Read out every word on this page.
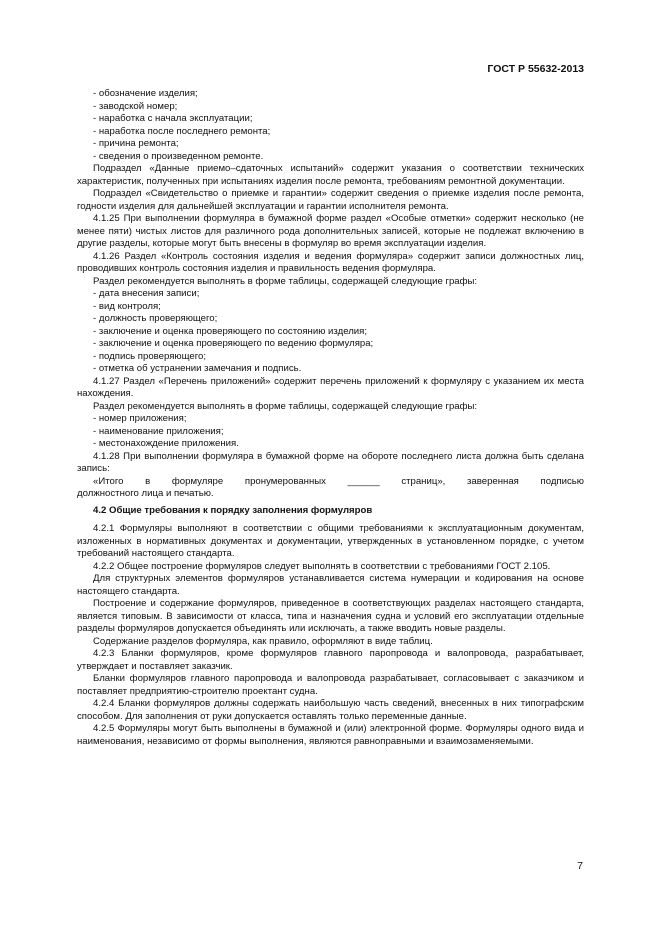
ГОСТ Р 55632-2013

- обозначение изделия;

- заводской номер;

- наработка с начала эксплуатации;

- наработка после последнего ремонта;

- причина ремонта;

- сведения о произведенном ремонте.

Подраздел «Данные приемо–сдаточных испытаний» содержит указания о соответствии технических характеристик, полученных при испытаниях изделия после ремонта, требованиям ремонтной документации.

Подраздел «Свидетельство о приемке и гарантии» содержит сведения о приемке изделия после ремонта, годности изделия для дальнейшей эксплуатации и гарантии исполнителя ремонта.

4.1.25 При выполнении формуляра в бумажной форме раздел «Особые отметки» содержит несколько (не менее пяти) чистых листов для различного рода дополнительных записей, которые не подлежат включению в другие разделы, которые могут быть внесены в формуляр во время эксплуатации изделия.

4.1.26 Раздел «Контроль состояния изделия и ведения формуляра» содержит записи должностных лиц, проводивших контроль состояния изделия и правильность ведения формуляра.

Раздел рекомендуется выполнять в форме таблицы, содержащей следующие графы:

- дата внесения записи;

- вид контроля;

- должность проверяющего;

- заключение и оценка проверяющего по состоянию изделия;

- заключение и оценка проверяющего по ведению формуляра;

- подпись проверяющего;

- отметка об устранении замечания и подпись.

4.1.27 Раздел «Перечень приложений» содержит перечень приложений к формуляру с указанием их места нахождения.

Раздел рекомендуется выполнять в форме таблицы, содержащей следующие графы:

- номер приложения;

- наименование приложения;

- местонахождение приложения.

4.1.28 При выполнении формуляра в бумажной форме на обороте последнего листа должна быть сделана запись:

«Итого в формуляре пронумерованных ______ страниц», заверенная подписью

должностного лица и печатью.

4.2 Общие требования к порядку заполнения формуляров

4.2.1 Формуляры выполняют в соответствии с общими требованиями к эксплуатационным документам, изложенных в нормативных документах и документации, утвержденных в установленном порядке, с учетом требований настоящего стандарта.

4.2.2 Общее построение формуляров следует выполнять в соответствии с требованиями ГОСТ 2.105.

Для структурных элементов формуляров устанавливается система нумерации и кодирования на основе настоящего стандарта.

Построение и содержание формуляров, приведенное в соответствующих разделах настоящего стандарта, является типовым. В зависимости от класса, типа и назначения судна и условий его эксплуатации отдельные разделы формуляров допускается объединять или исключать, а также вводить новые разделы.

Содержание разделов формуляра, как правило, оформляют в виде таблиц.

4.2.3 Бланки формуляров, кроме формуляров главного паропровода и валопровода, разрабатывает, утверждает и поставляет заказчик.

Бланки формуляров главного паропровода и валопровода разрабатывает, согласовывает с заказчиком и поставляет предприятию-строителю проектант судна.

4.2.4 Бланки формуляров должны содержать наибольшую часть сведений, внесенных в них типографским способом. Для заполнения от руки допускается оставлять только переменные данные.

4.2.5 Формуляры могут быть выполнены в бумажной и (или) электронной форме. Формуляры одного вида и наименования, независимо от формы выполнения, являются равноправными и взаимозаменяемыми.

7
